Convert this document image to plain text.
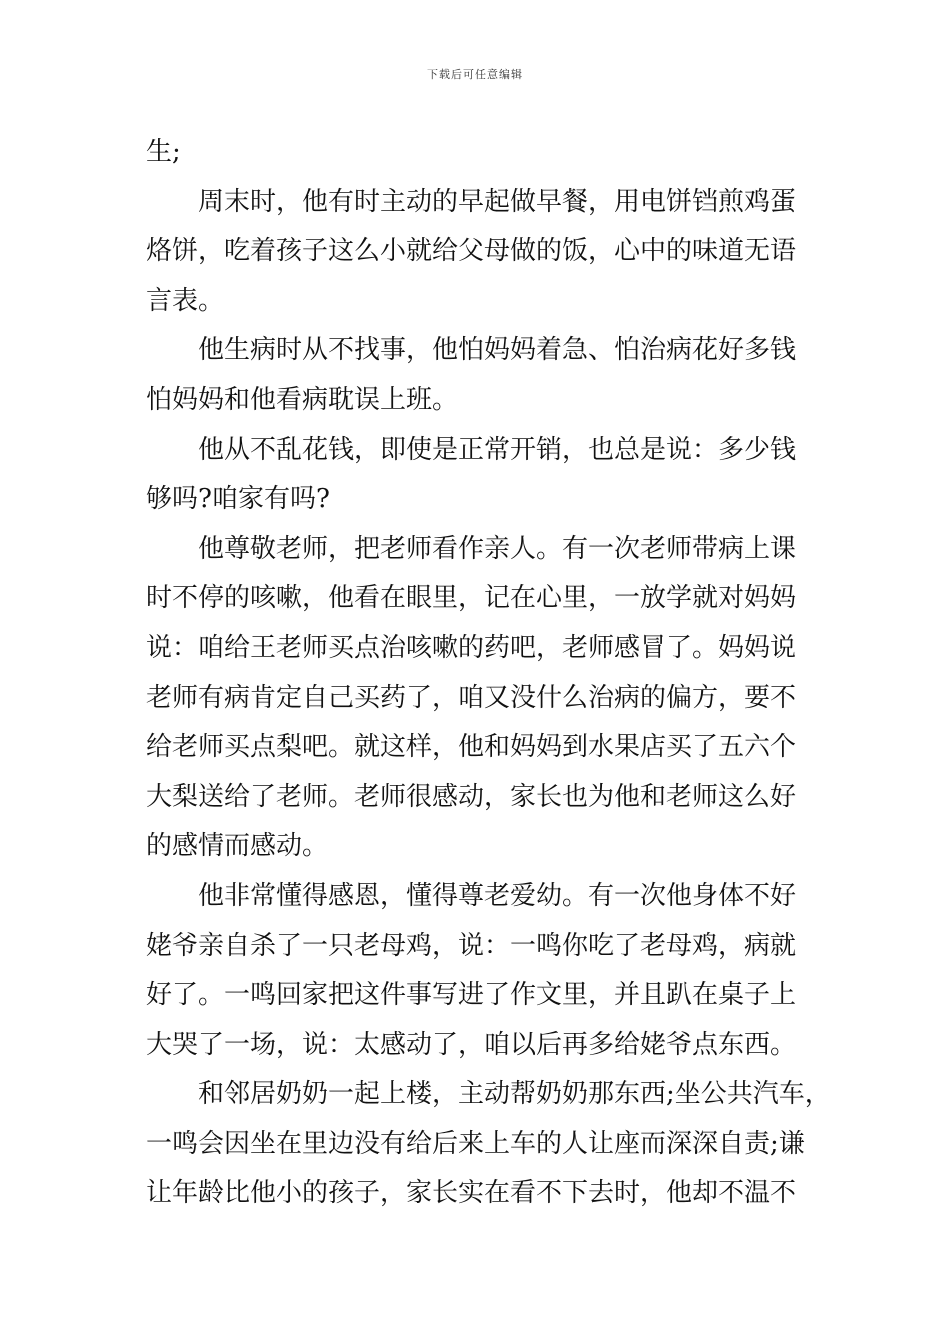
下载后可任意编辑
生;
周末时，他有时主动的早起做早餐，用电饼铛煎鸡蛋
烙饼，吃着孩子这么小就给父母做的饭，心中的味道无语
言表。
他生病时从不找事，他怕妈妈着急、怕治病花好多钱
怕妈妈和他看病耽误上班。
他从不乱花钱，即使是正常开销，也总是说：多少钱
够吗?咱家有吗?
他尊敬老师，把老师看作亲人。有一次老师带病上课
时不停的咳嗽，他看在眼里，记在心里，一放学就对妈妈
说：咱给王老师买点治咳嗽的药吧，老师感冒了。妈妈说
老师有病肯定自己买药了，咱又没什么治病的偏方，要不
给老师买点梨吧。就这样，他和妈妈到水果店买了五六个
大梨送给了老师。老师很感动，家长也为他和老师这么好
的感情而感动。
他非常懂得感恩，懂得尊老爱幼。有一次他身体不好
姥爷亲自杀了一只老母鸡，说：一鸣你吃了老母鸡，病就
好了。一鸣回家把这件事写进了作文里，并且趴在桌子上
大哭了一场，说：太感动了，咱以后再多给姥爷点东西。
和邻居奶奶一起上楼，主动帮奶奶那东西;坐公共汽车，
一鸣会因坐在里边没有给后来上车的人让座而深深自责;谦
让年龄比他小的孩子，家长实在看不下去时，他却不温不
